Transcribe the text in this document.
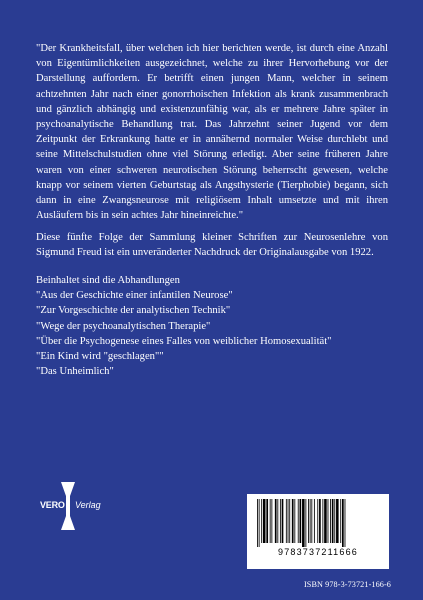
"Der Krankheitsfall, über welchen ich hier berichten werde, ist durch eine Anzahl von Eigentümlichkeiten ausgezeichnet, welche zu ihrer Hervorhebung vor der Darstellung auffordern. Er betrifft einen jungen Mann, welcher in seinem achtzehnten Jahr nach einer gonorrhoischen Infektion als krank zusammenbrach und gänzlich abhängig und existenzunfähig war, als er mehrere Jahre später in psychoanalytische Behandlung trat. Das Jahrzehnt seiner Jugend vor dem Zeitpunkt der Erkrankung hatte er in annähernd normaler Weise durchlebt und seine Mittelschulstudien ohne viel Störung erledigt. Aber seine früheren Jahre waren von einer schweren neurotischen Störung beherrscht gewesen, welche knapp vor seinem vierten Geburtstag als Angsthysterie (Tierphobie) begann, sich dann in eine Zwangsneurose mit religiösem Inhalt umsetzte und mit ihren Ausläufern bis in sein achtes Jahr hineinreichte."

Diese fünfte Folge der Sammlung kleiner Schriften zur Neurosenlehre von Sigmund Freud ist ein unveränderter Nachdruck der Originalausgabe von 1922.

Beinhaltet sind die Abhandlungen
"Aus der Geschichte einer infantilen Neurose"
"Zur Vorgeschichte der analytischen Technik"
"Wege der psychoanalytischen Therapie"
"Über die Psychogenese eines Falles von weiblicher Homosexualität"
"Ein Kind wird "geschlagen""
"Das Unheimlich"
VERO Verlag
9783737211666
ISBN 978-3-73721-166-6
